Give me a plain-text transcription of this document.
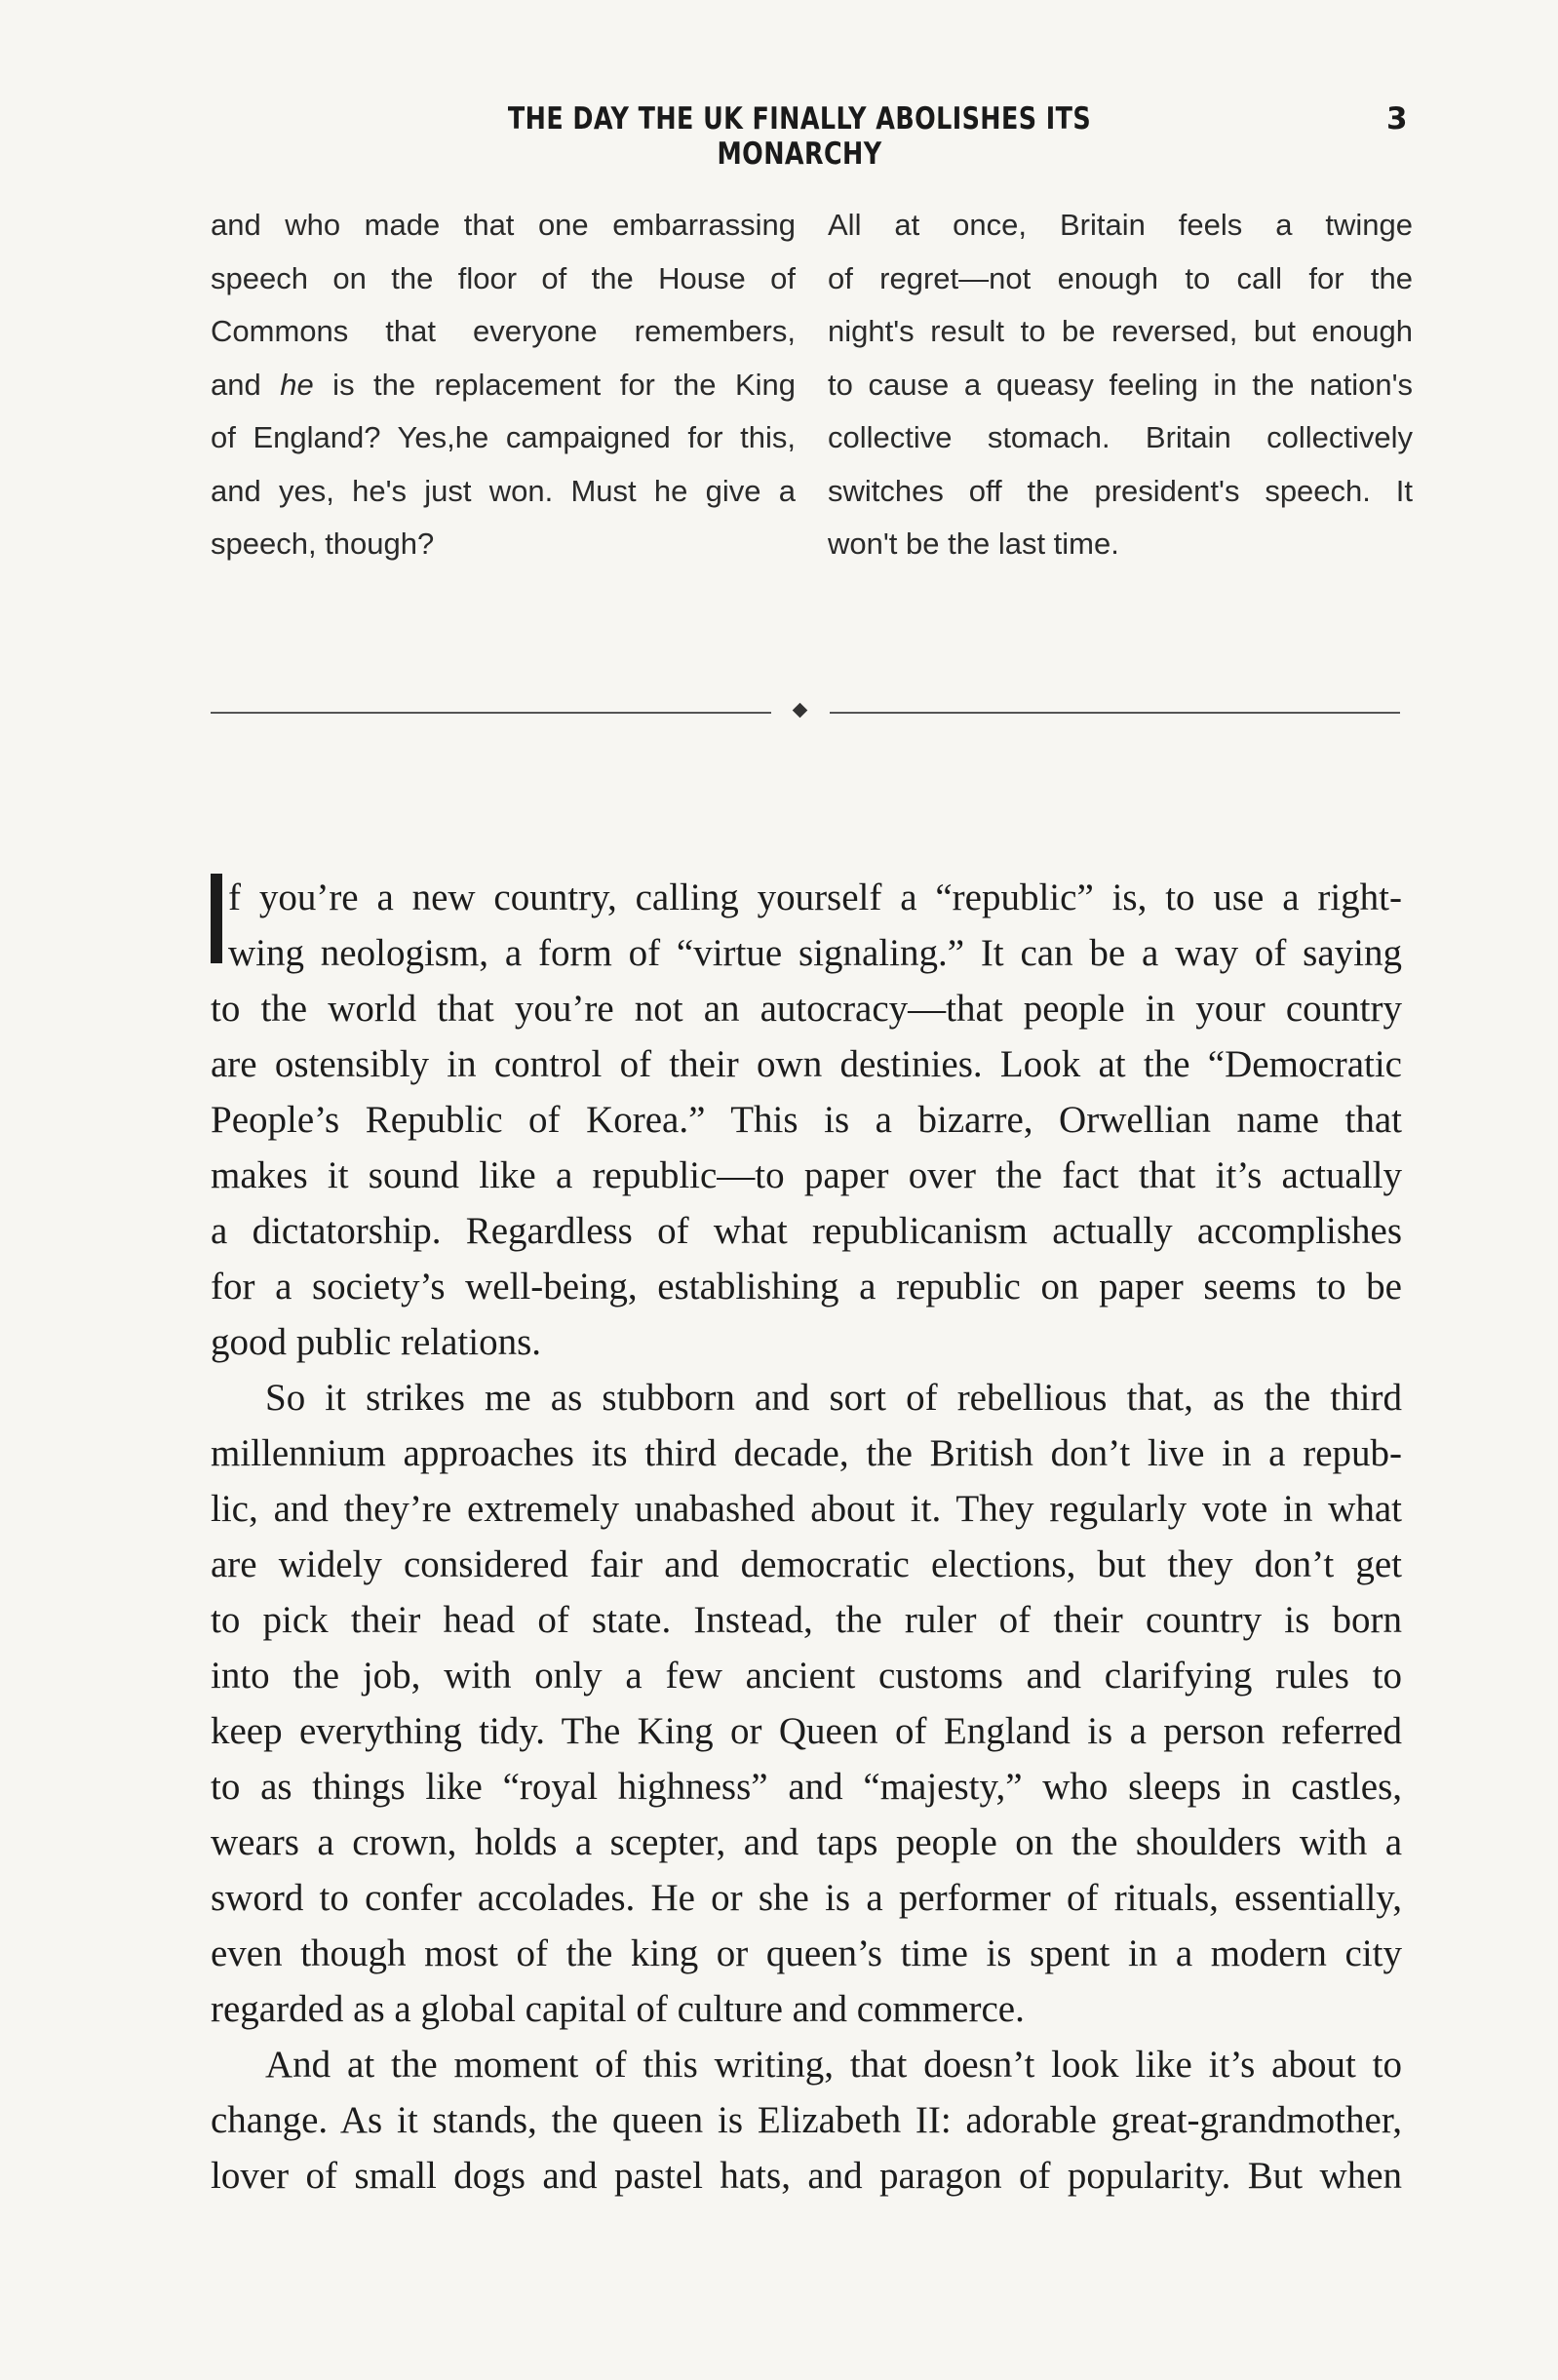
THE DAY THE UK FINALLY ABOLISHES ITS MONARCHY
3
and who made that one embarrassing
speech on the floor of the House of
Commons that everyone remembers,
and he is the replacement for the King
of England? Yes,he campaigned for this,
and yes, he's just won. Must he give a
speech, though?
All at once, Britain feels a twinge
of regret—not enough to call for the
night's result to be reversed, but enough
to cause a queasy feeling in the nation's
collective stomach. Britain collectively
switches off the president's speech. It
won't be the last time.
f you’re a new country, calling yourself a “republic” is, to use a right-
wing neologism, a form of “virtue signaling.” It can be a way of saying
to the world that you’re not an autocracy—that people in your country
are ostensibly in control of their own destinies. Look at the “Democratic
People’s Republic of Korea.” This is a bizarre, Orwellian name that
makes it sound like a republic—to paper over the fact that it’s actually
a dictatorship. Regardless of what republicanism actually accomplishes
for a society’s well-being, establishing a republic on paper seems to be
good public relations.
So it strikes me as stubborn and sort of rebellious that, as the third
millennium approaches its third decade, the British don’t live in a repub-
lic, and they’re extremely unabashed about it. They regularly vote in what
are widely considered fair and democratic elections, but they don’t get
to pick their head of state. Instead, the ruler of their country is born
into the job, with only a few ancient customs and clarifying rules to
keep everything tidy. The King or Queen of England is a person referred
to as things like “royal highness” and “majesty,” who sleeps in castles,
wears a crown, holds a scepter, and taps people on the shoulders with a
sword to confer accolades. He or she is a performer of rituals, essentially,
even though most of the king or queen’s time is spent in a modern city
regarded as a global capital of culture and commerce.
And at the moment of this writing, that doesn’t look like it’s about to
change. As it stands, the queen is Elizabeth II: adorable great-grandmother,
lover of small dogs and pastel hats, and paragon of popularity. But when
